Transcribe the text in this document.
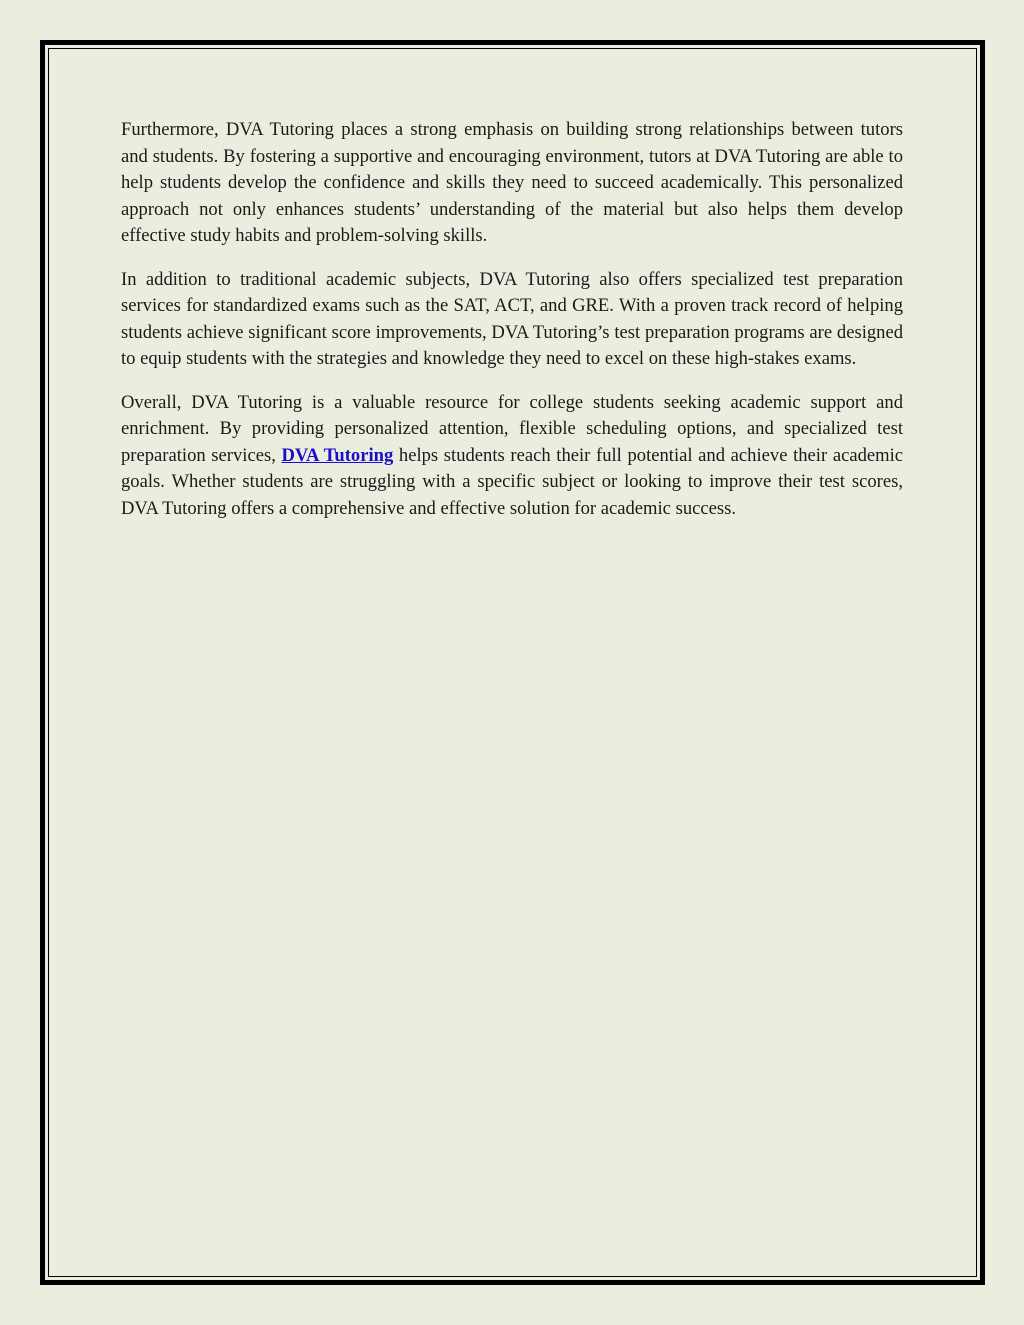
Furthermore, DVA Tutoring places a strong emphasis on building strong relationships between tutors and students. By fostering a supportive and encouraging environment, tutors at DVA Tutoring are able to help students develop the confidence and skills they need to succeed academically. This personalized approach not only enhances students’ understanding of the material but also helps them develop effective study habits and problem-solving skills.

In addition to traditional academic subjects, DVA Tutoring also offers specialized test preparation services for standardized exams such as the SAT, ACT, and GRE. With a proven track record of helping students achieve significant score improvements, DVA Tutoring’s test preparation programs are designed to equip students with the strategies and knowledge they need to excel on these high-stakes exams.

Overall, DVA Tutoring is a valuable resource for college students seeking academic support and enrichment. By providing personalized attention, flexible scheduling options, and specialized test preparation services, DVA Tutoring helps students reach their full potential and achieve their academic goals. Whether students are struggling with a specific subject or looking to improve their test scores, DVA Tutoring offers a comprehensive and effective solution for academic success.
